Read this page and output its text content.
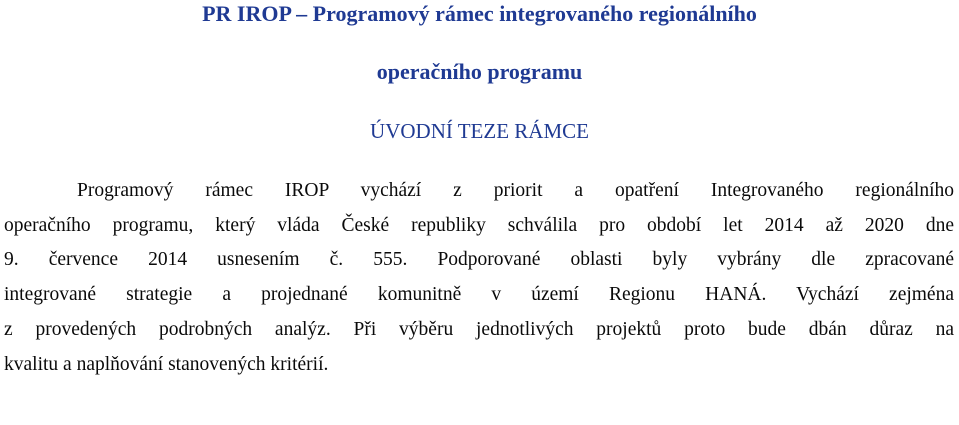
PR IROP – Programový rámec integrovaného regionálního
operačního programu
ÚVODNÍ TEZE RÁMCE
Programový rámec IROP vychází z priorit a opatření Integrovaného regionálního
operačního programu, který vláda České republiky schválila pro období let 2014 až 2020 dne
9. července 2014 usnesením č. 555. Podporované oblasti byly vybrány dle zpracované
integrované strategie a projednané komunitně v území Regionu HANÁ. Vychází zejména
z provedených podrobných analýz. Při výběru jednotlivých projektů proto bude dbán důraz na
kvalitu a naplňování stanovených kritérií.
